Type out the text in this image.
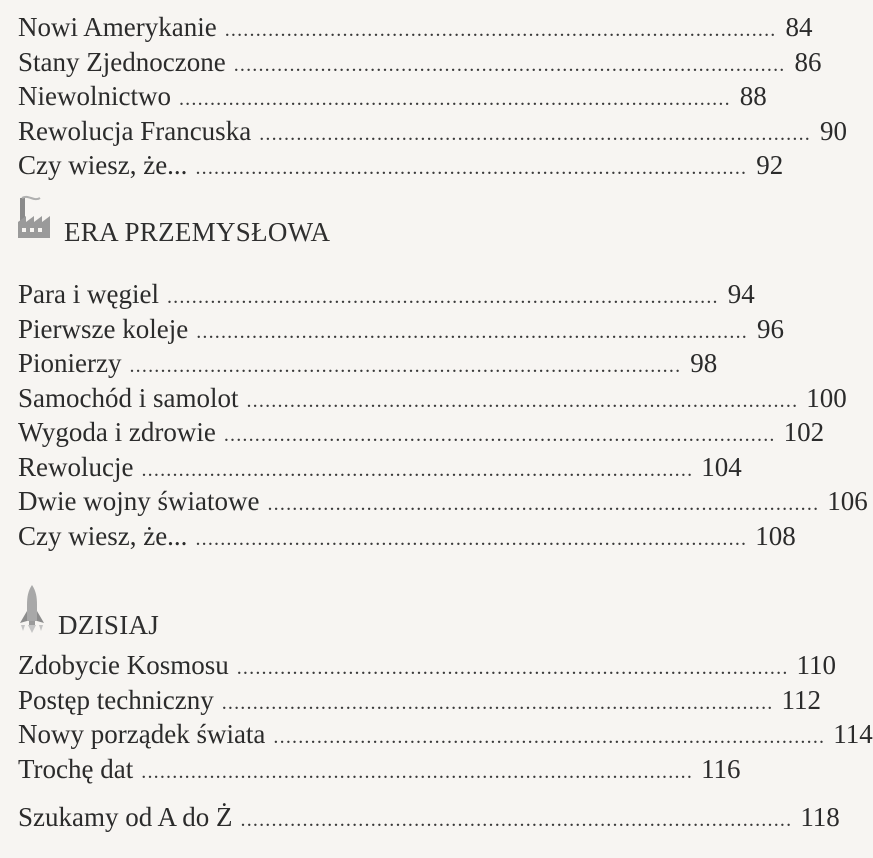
Nowi Amerykanie ......................................................................................... 84
Stany Zjednoczone ......................................................................................... 86
Niewolnictwo ......................................................................................... 88
Rewolucja Francuska ......................................................................................... 90
Czy wiesz, że... ......................................................................................... 92
ERA PRZEMYSŁOWA
Para i węgiel ......................................................................................... 94
Pierwsze koleje ......................................................................................... 96
Pionierzy ......................................................................................... 98
Samochód i samolot ......................................................................................... 100
Wygoda i zdrowie ......................................................................................... 102
Rewolucje ......................................................................................... 104
Dwie wojny światowe ......................................................................................... 106
Czy wiesz, że... ......................................................................................... 108
DZISIAJ
Zdobycie Kosmosu ......................................................................................... 110
Postęp techniczny ......................................................................................... 112
Nowy porządek świata ......................................................................................... 114
Trochę dat ......................................................................................... 116
Szukamy od A do Ż ......................................................................................... 118
